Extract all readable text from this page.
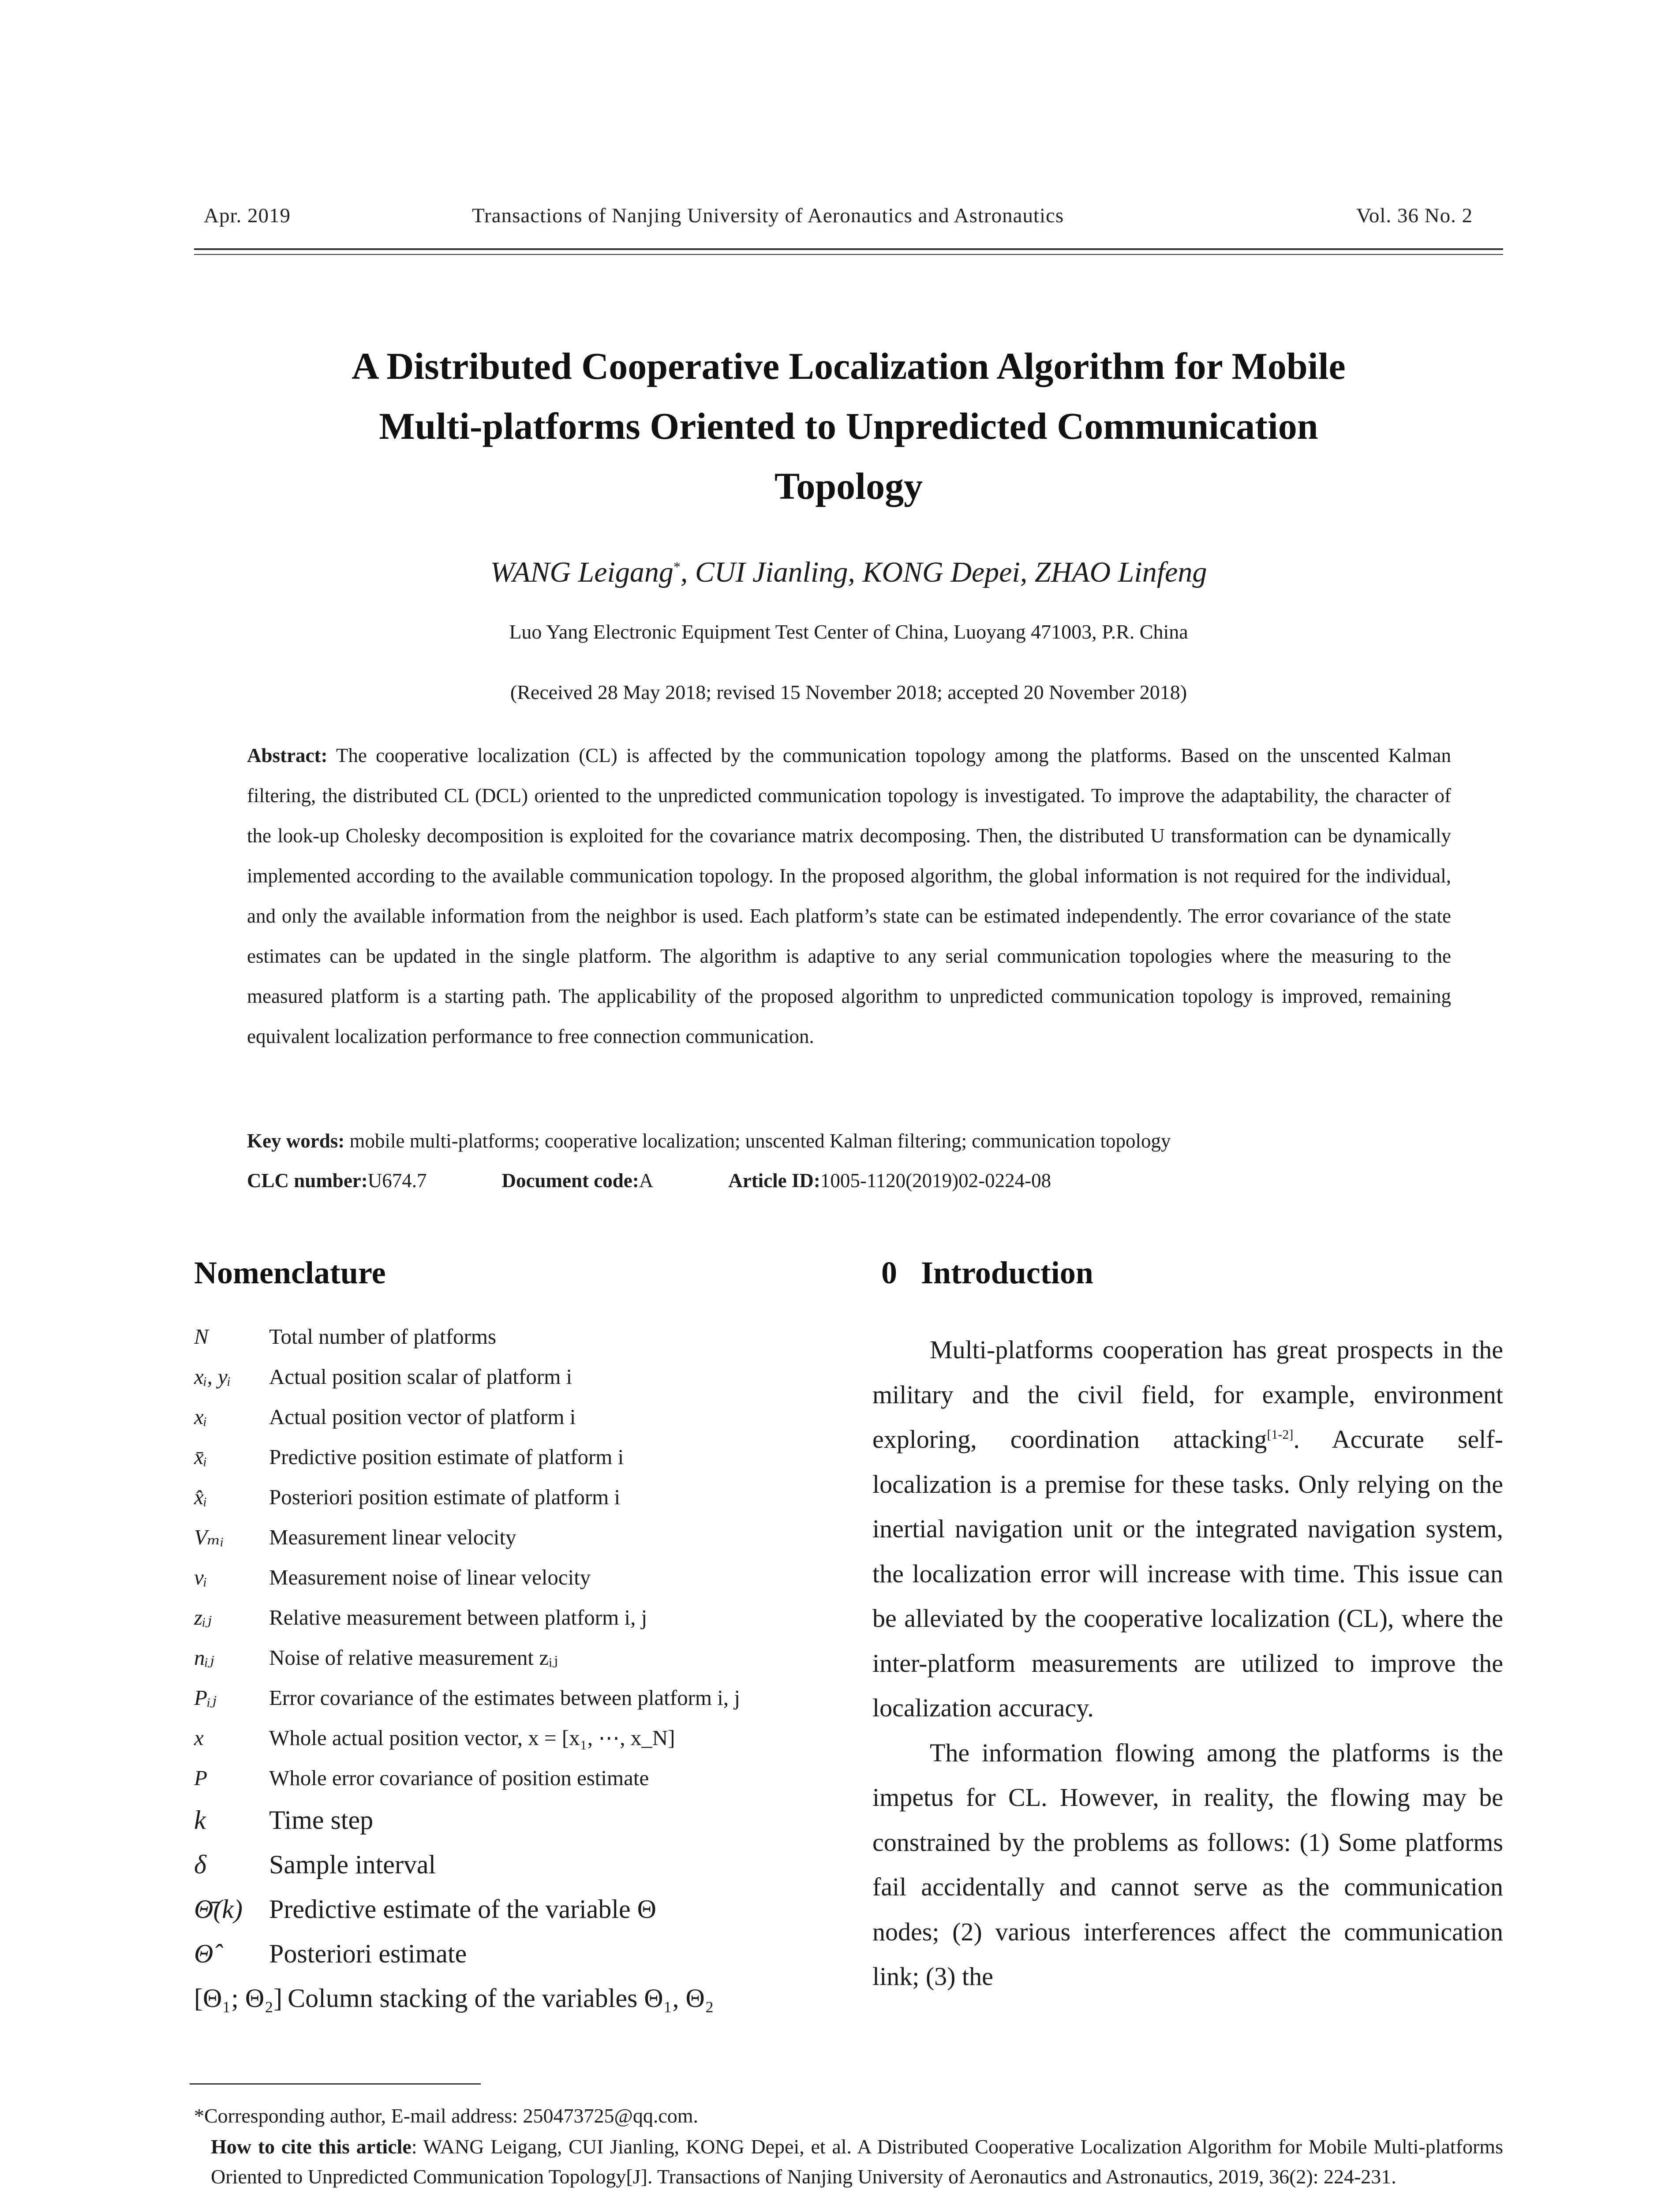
Apr. 2019	Transactions of Nanjing University of Aeronautics and Astronautics	Vol. 36 No. 2
A Distributed Cooperative Localization Algorithm for Mobile
Multi-platforms Oriented to Unpredicted Communication
Topology
WANG Leigang*, CUI Jianling, KONG Depei, ZHAO Linfeng
Luo Yang Electronic Equipment Test Center of China, Luoyang 471003, P.R. China
(Received 28 May 2018; revised 15 November 2018; accepted 20 November 2018)
Abstract: The cooperative localization (CL) is affected by the communication topology among the platforms. Based on the unscented Kalman filtering, the distributed CL (DCL) oriented to the unpredicted communication topology is investigated. To improve the adaptability, the character of the look-up Cholesky decomposition is exploited for the covariance matrix decomposing. Then, the distributed U transformation can be dynamically implemented according to the available communication topology. In the proposed algorithm, the global information is not required for the individual, and only the available information from the neighbor is used. Each platform’s state can be estimated independently. The error covariance of the state estimates can be updated in the single platform. The algorithm is adaptive to any serial communication topologies where the measuring to the measured platform is a starting path. The applicability of the proposed algorithm to unpredicted communication topology is improved, remaining equivalent localization performance to free connection communication.
Key words: mobile multi-platforms; cooperative localization; unscented Kalman filtering; communication topology
CLC number:U674.7	Document code:A	Article ID:1005-1120(2019)02-0224-08
Nomenclature	0   Introduction
N	Total number of platforms
xᵢ, yᵢ	Actual position scalar of platform i
xᵢ	Actual position vector of platform i
x̄ᵢ	Predictive position estimate of platform i
x̂ᵢ	Posteriori position estimate of platform i
Vₘᵢ	Measurement linear velocity
νᵢ	Measurement noise of linear velocity
zᵢⱼ	Relative measurement between platform i, j
nᵢⱼ	Noise of relative measurement zᵢⱼ
Pᵢⱼ	Error covariance of the estimates between platform i, j
x	Whole actual position vector, x = [x₁, ⋯, x_N]
P	Whole error covariance of position estimate
k	Time step
δ	Sample interval
Θ̄(k)	Predictive estimate of the variable Θ
Θ̂	Posteriori estimate
[Θ₁; Θ₂] Column stacking of the variables Θ₁, Θ₂

Multi-platforms cooperation has great prospects in the military and the civil field, for example, environment exploring, coordination attacking[1-2]. Accurate self-localization is a premise for these tasks. Only relying on the inertial navigation unit or the integrated navigation system, the localization error will increase with time. This issue can be alleviated by the cooperative localization (CL), where the inter-platform measurements are utilized to improve the localization accuracy.

The information flowing among the platforms is the impetus for CL. However, in reality, the flowing may be constrained by the problems as follows: (1) Some platforms fail accidentally and cannot serve as the communication nodes; (2) various interferences affect the communication link; (3) the

*Corresponding author, E-mail address: 250473725@qq.com.
How to cite this article: WANG Leigang, CUI Jianling, KONG Depei, et al. A Distributed Cooperative Localization Algorithm for Mobile Multi-platforms Oriented to Unpredicted Communication Topology[J]. Transactions of Nanjing University of Aeronautics and Astronautics, 2019, 36(2): 224-231.
